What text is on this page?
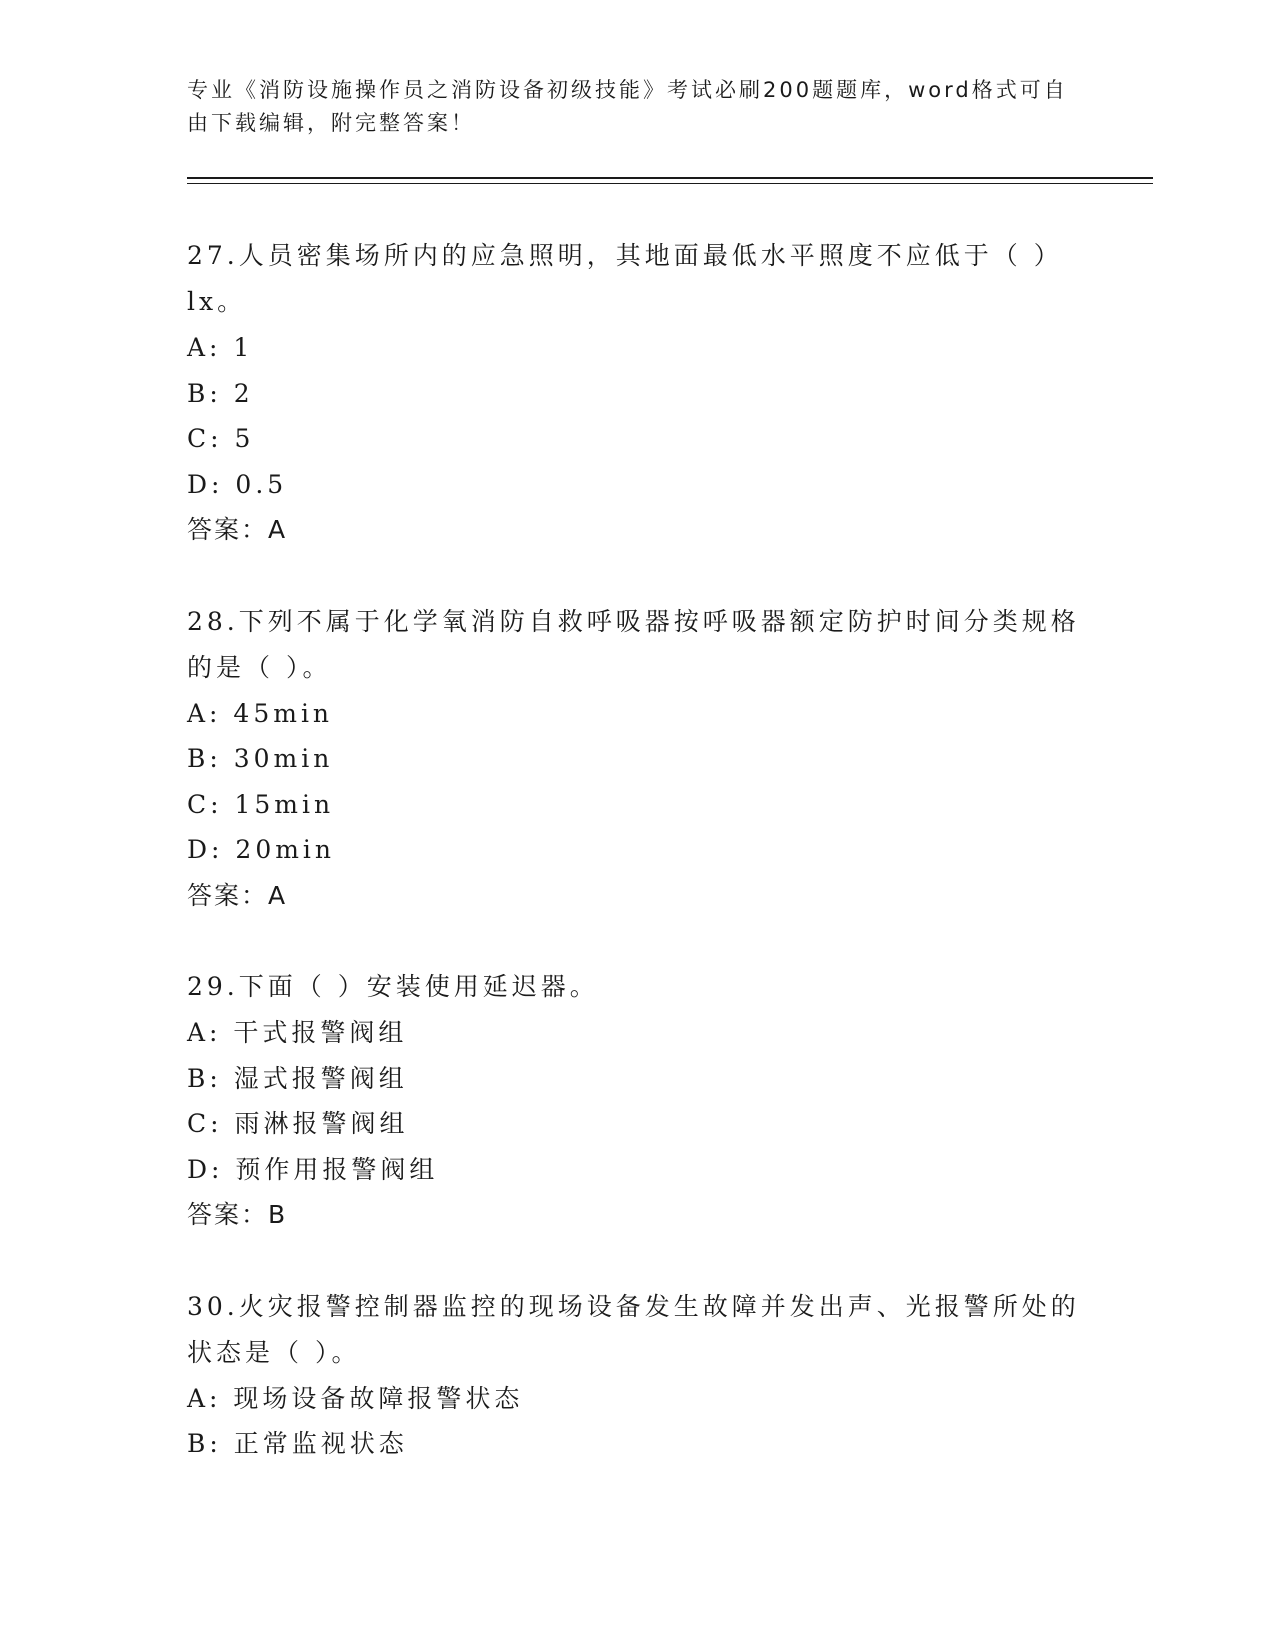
专业《消防设施操作员之消防设备初级技能》考试必刷200题题库，word格式可自由下载编辑，附完整答案！
27.人员密集场所内的应急照明，其地面最低水平照度不应低于（ ）lx。
A: 1
B: 2
C: 5
D: 0.5
答案：A
28.下列不属于化学氧消防自救呼吸器按呼吸器额定防护时间分类规格的是（ ）。
A: 45min
B: 30min
C: 15min
D: 20min
答案：A
29.下面（ ）安装使用延迟器。
A: 干式报警阀组
B: 湿式报警阀组
C: 雨淋报警阀组
D: 预作用报警阀组
答案：B
30.火灾报警控制器监控的现场设备发生故障并发出声、光报警所处的状态是（ ）。
A: 现场设备故障报警状态
B: 正常监视状态
